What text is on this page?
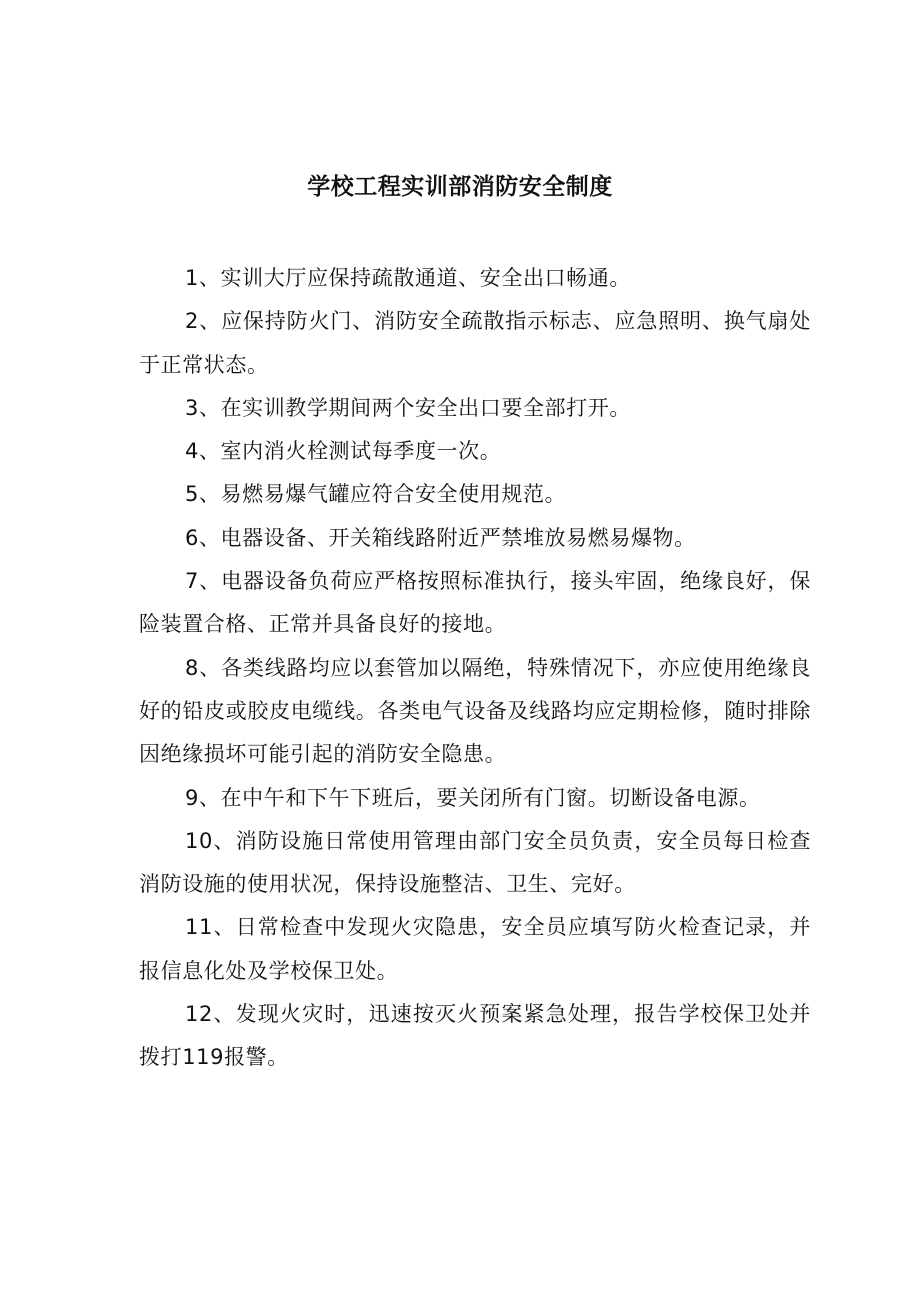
学校工程实训部消防安全制度

1、实训大厅应保持疏散通道、安全出口畅通。

2、应保持防火门、消防安全疏散指示标志、应急照明、换气扇处于正常状态。

3、在实训教学期间两个安全出口要全部打开。

4、室内消火栓测试每季度一次。

5、易燃易爆气罐应符合安全使用规范。

6、电器设备、开关箱线路附近严禁堆放易燃易爆物。

7、电器设备负荷应严格按照标准执行，接头牢固，绝缘良好，保险装置合格、正常并具备良好的接地。

8、各类线路均应以套管加以隔绝，特殊情况下，亦应使用绝缘良好的铅皮或胶皮电缆线。各类电气设备及线路均应定期检修，随时排除因绝缘损坏可能引起的消防安全隐患。

9、在中午和下午下班后，要关闭所有门窗。切断设备电源。

10、消防设施日常使用管理由部门安全员负责，安全员每日检查消防设施的使用状况，保持设施整洁、卫生、完好。

11、日常检查中发现火灾隐患，安全员应填写防火检查记录，并报信息化处及学校保卫处。

12、发现火灾时，迅速按灭火预案紧急处理，报告学校保卫处并拨打119报警。
